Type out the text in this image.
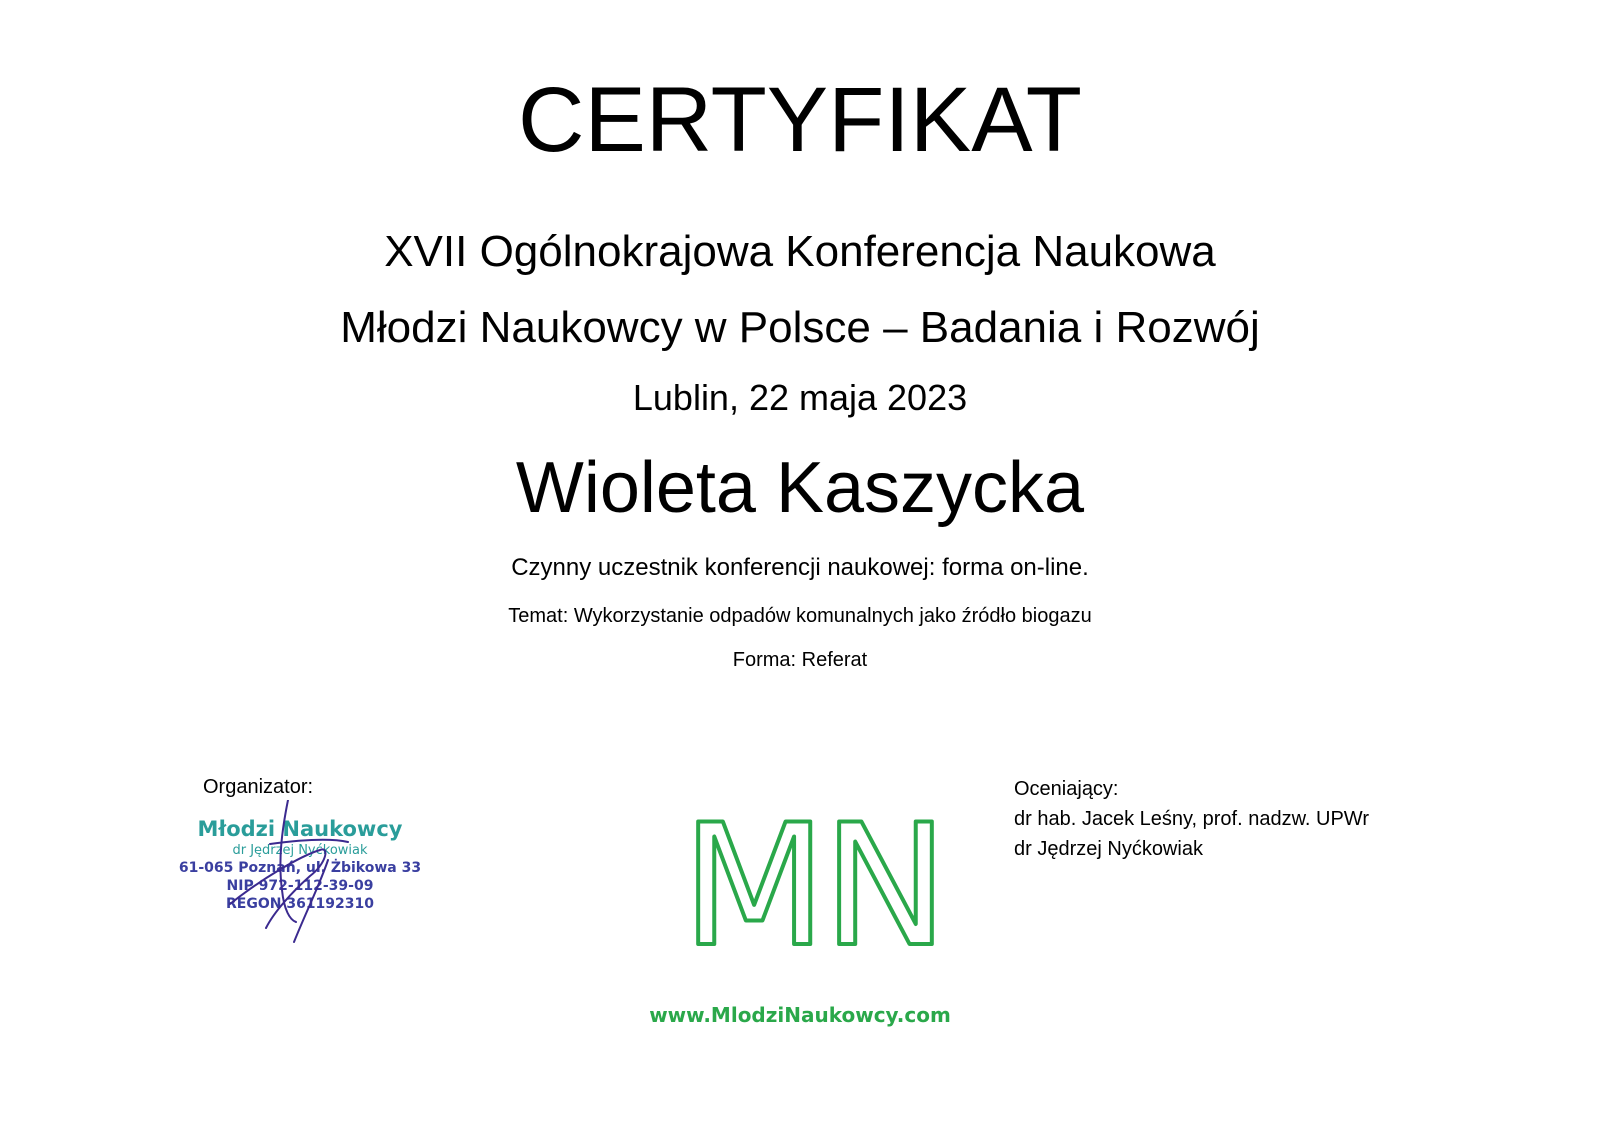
CERTYFIKAT
XVII Ogólnokrajowa Konferencja Naukowa
Młodzi Naukowcy w Polsce – Badania i Rozwój
Lublin, 22 maja 2023
Wioleta Kaszycka
Czynny uczestnik konferencji naukowej: forma on-line.
Temat: Wykorzystanie odpadów komunalnych jako źródło biogazu
Forma: Referat
Organizator:
Młodzi Naukowcy
dr Jędrzej Nyćkowiak
61-065 Poznań, ul. Żbikowa 33
NIP 972-112-39-09
REGON 361192310 MN
www.MlodziNaukowcy.com
Oceniający:
dr hab. Jacek Leśny, prof. nadzw. UPWr
dr Jędrzej Nyćkowiak
